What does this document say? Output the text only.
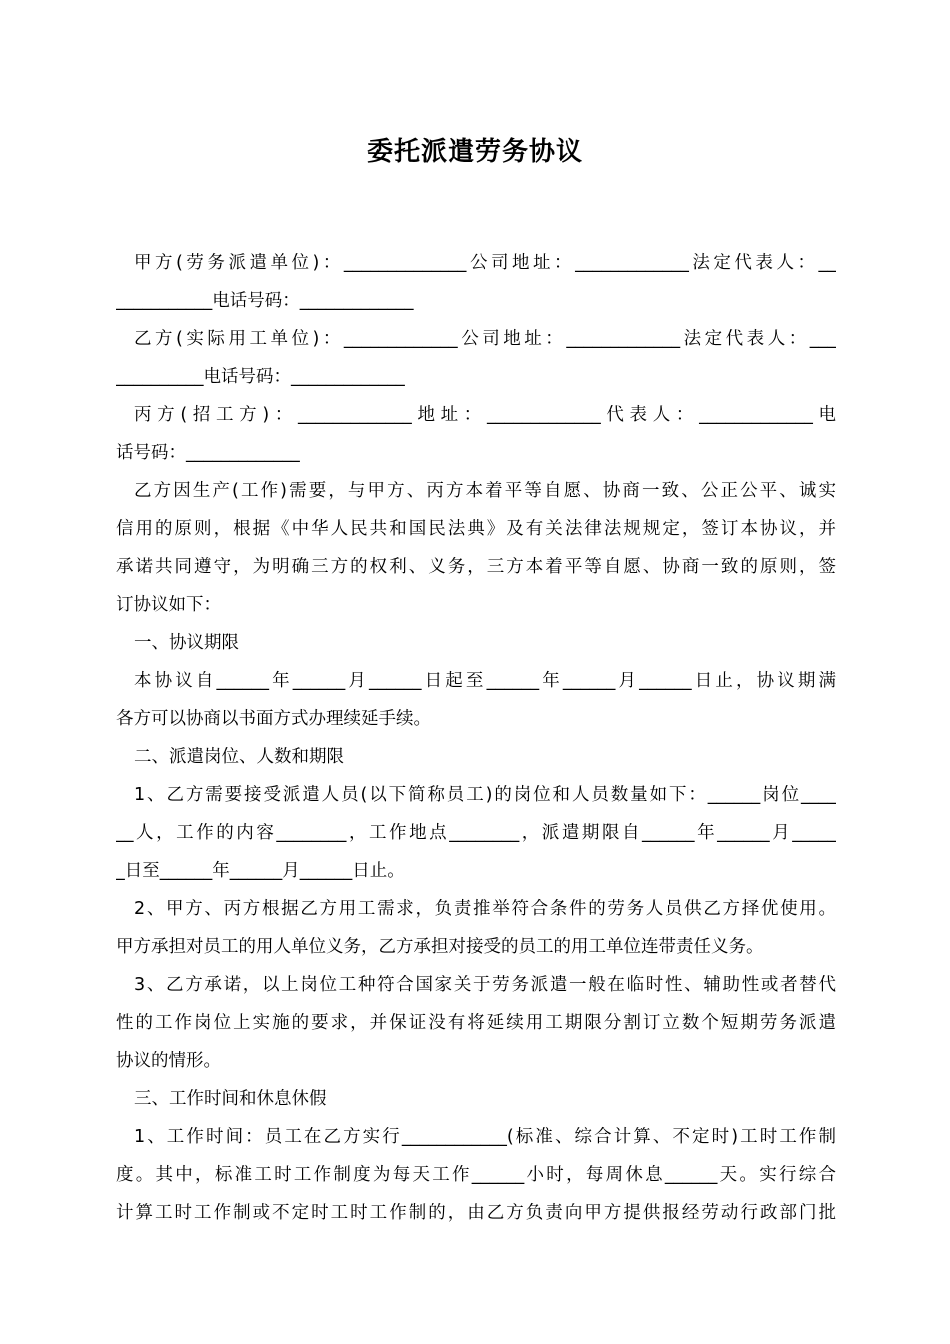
委托派遣劳务协议
甲方(劳务派遣单位)：______________公司地址：_____________法定代表人：__
___________电话号码：_____________
乙方(实际用工单位)：_____________公司地址：_____________法定代表人：___
__________电话号码：_____________
丙方(招工方)：_____________地址：_____________代表人：_____________电
话号码：_____________
乙方因生产(工作)需要，与甲方、丙方本着平等自愿、协商一致、公正公平、诚实
信用的原则，根据《中华人民共和国民法典》及有关法律法规规定，签订本协议，并
承诺共同遵守，为明确三方的权利、义务，三方本着平等自愿、协商一致的原则，签
订协议如下：
一、协议期限
本协议自______年______月______日起至______年______月______日止，协议期满
各方可以协商以书面方式办理续延手续。
二、派遣岗位、人数和期限
1、乙方需要接受派遣人员(以下简称员工)的岗位和人员数量如下：______岗位____
__人，工作的内容________，工作地点________，派遣期限自______年______月_____
_日至______年______月______日止。
2、甲方、丙方根据乙方用工需求，负责推举符合条件的劳务人员供乙方择优使用。
甲方承担对员工的用人单位义务，乙方承担对接受的员工的用工单位连带责任义务。
3、乙方承诺，以上岗位工种符合国家关于劳务派遣一般在临时性、辅助性或者替代
性的工作岗位上实施的要求，并保证没有将延续用工期限分割订立数个短期劳务派遣
协议的情形。
三、工作时间和休息休假
1、工作时间：员工在乙方实行____________(标准、综合计算、不定时)工时工作制
度。其中，标准工时工作制度为每天工作______小时，每周休息______天。实行综合
计算工时工作制或不定时工时工作制的，由乙方负责向甲方提供报经劳动行政部门批
